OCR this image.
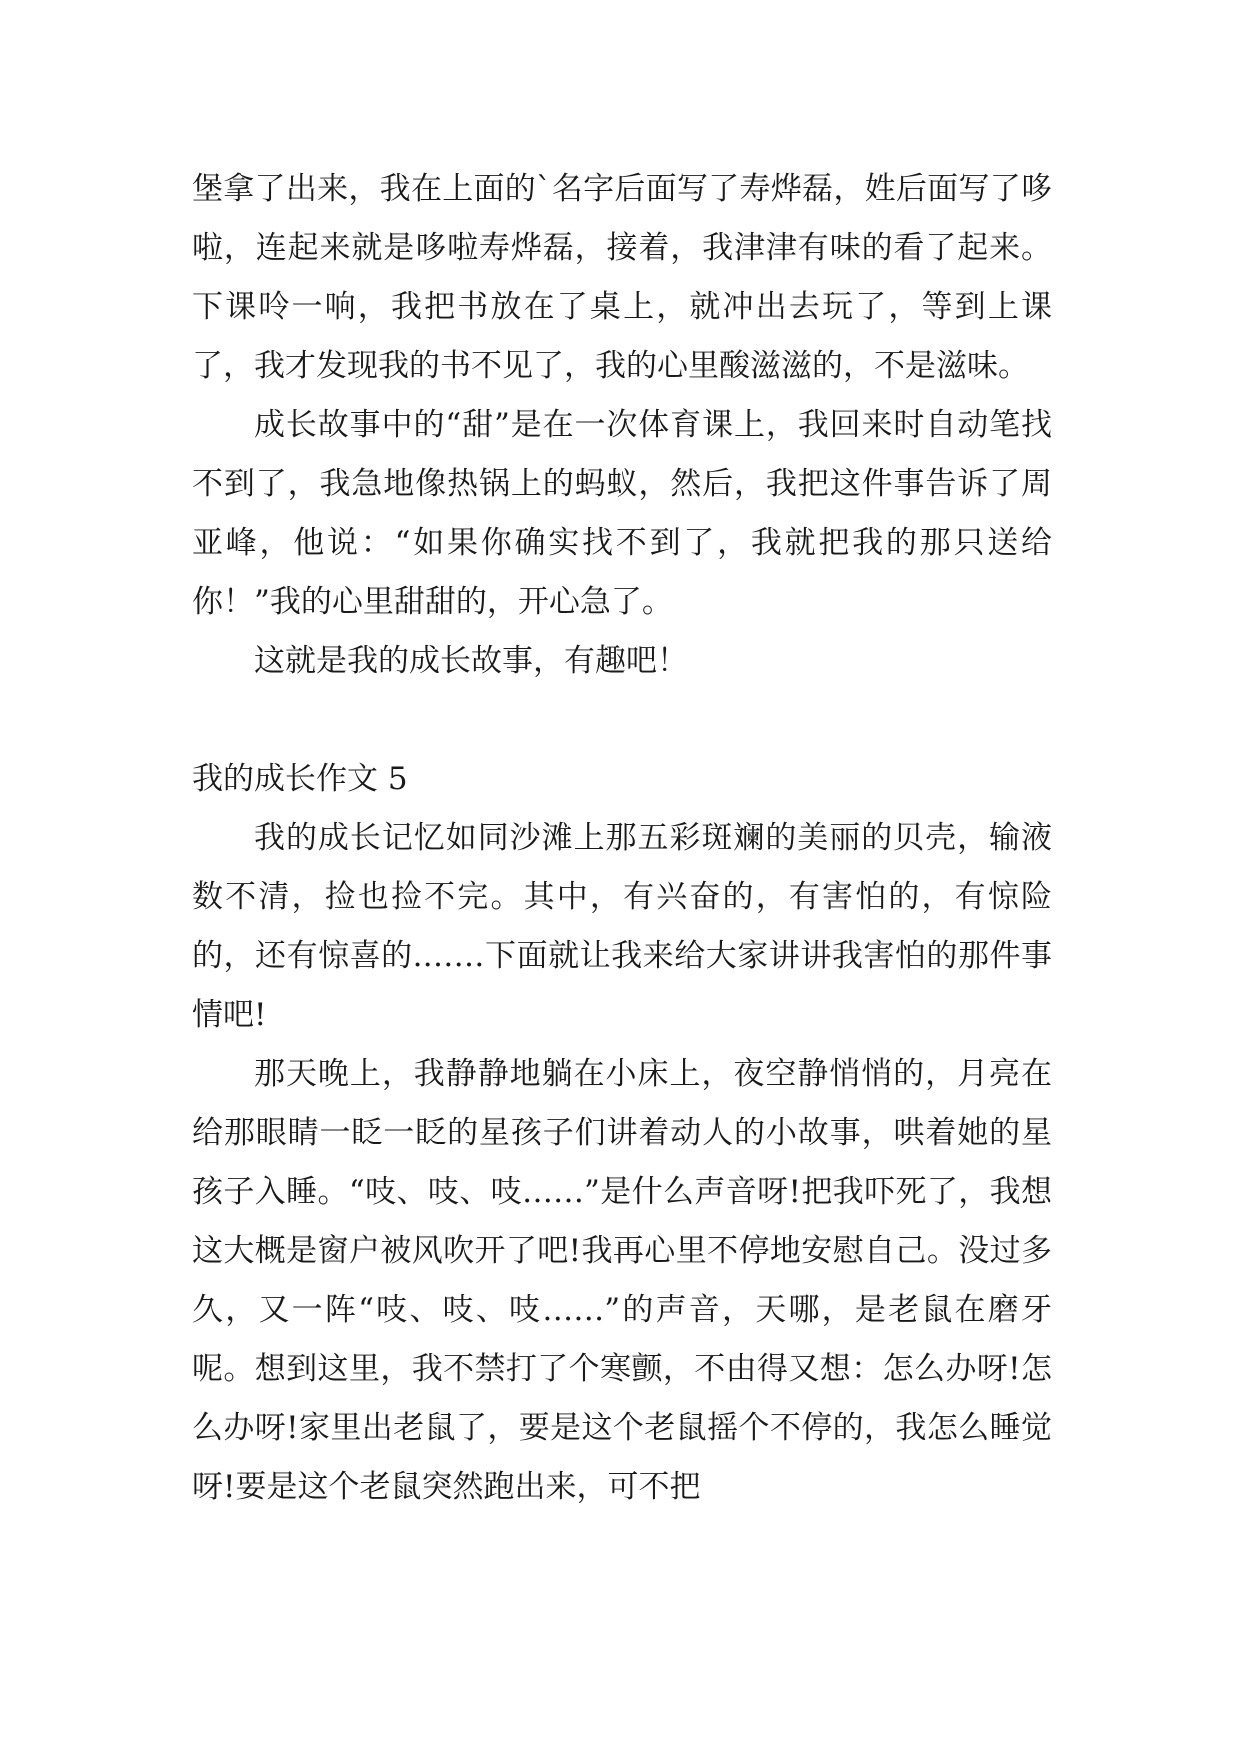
堡拿了出来，我在上面的`名字后面写了寿烨磊，姓后面写了哆啦，连起来就是哆啦寿烨磊，接着，我津津有味的看了起来。下课呤一响，我把书放在了桌上，就冲出去玩了，等到上课了，我才发现我的书不见了，我的心里酸滋滋的，不是滋味。

成长故事中的“甜”是在一次体育课上，我回来时自动笔找不到了，我急地像热锅上的蚂蚁，然后，我把这件事告诉了周亚峰，他说：“如果你确实找不到了，我就把我的那只送给你！”我的心里甜甜的，开心急了。

这就是我的成长故事，有趣吧！

我的成长作文 5

我的成长记忆如同沙滩上那五彩斑斓的美丽的贝壳，输液数不清，捡也捡不完。其中，有兴奋的，有害怕的，有惊险的，还有惊喜的.……下面就让我来给大家讲讲我害怕的那件事情吧!

那天晚上，我静静地躺在小床上，夜空静悄悄的，月亮在给那眼睛一眨一眨的星孩子们讲着动人的小故事，哄着她的星孩子入睡。“吱、吱、吱……”是什么声音呀!把我吓死了，我想这大概是窗户被风吹开了吧!我再心里不停地安慰自己。没过多久，又一阵“吱、吱、吱……”的声音，天哪，是老鼠在磨牙呢。想到这里，我不禁打了个寒颤，不由得又想：怎么办呀!怎么办呀!家里出老鼠了，要是这个老鼠摇个不停的，我怎么睡觉呀!要是这个老鼠突然跑出来，可不把
